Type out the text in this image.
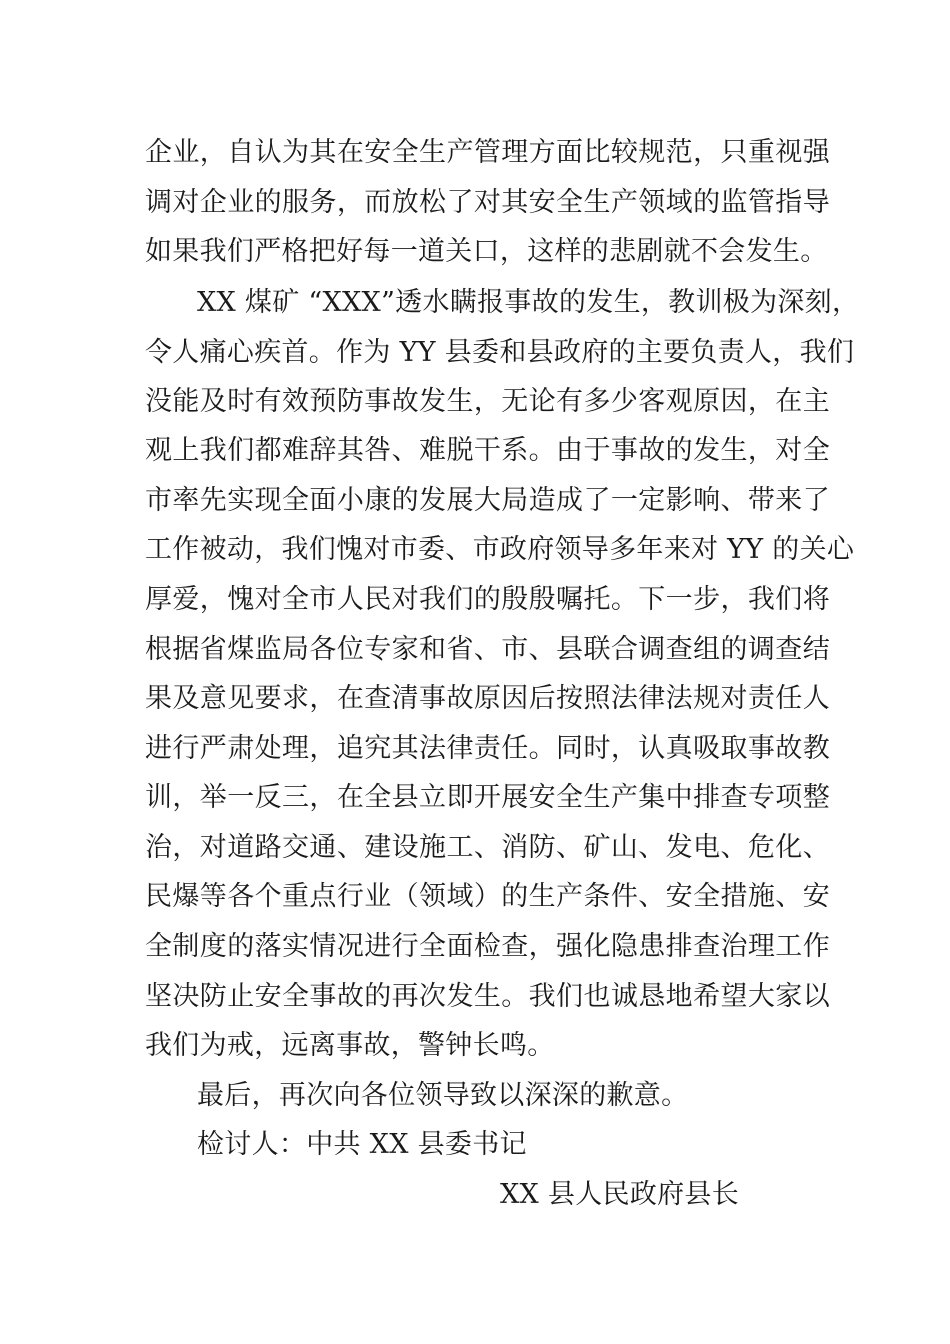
企业，自认为其在安全生产管理方面比较规范，只重视强
调对企业的服务，而放松了对其安全生产领域的监管指导
如果我们严格把好每一道关口，这样的悲剧就不会发生。
XX 煤矿 “XXX”透水瞒报事故的发生，教训极为深刻，
令人痛心疾首。作为 YY 县委和县政府的主要负责人，我们
没能及时有效预防事故发生，无论有多少客观原因，在主
观上我们都难辞其咎、难脱干系。由于事故的发生，对全
市率先实现全面小康的发展大局造成了一定影响、带来了
工作被动，我们愧对市委、市政府领导多年来对 YY 的关心
厚爱，愧对全市人民对我们的殷殷嘱托。下一步，我们将
根据省煤监局各位专家和省、市、县联合调查组的调查结
果及意见要求，在查清事故原因后按照法律法规对责任人
进行严肃处理，追究其法律责任。同时，认真吸取事故教
训，举一反三，在全县立即开展安全生产集中排查专项整
治，对道路交通、建设施工、消防、矿山、发电、危化、
民爆等各个重点行业（领域）的生产条件、安全措施、安
全制度的落实情况进行全面检查，强化隐患排查治理工作
坚决防止安全事故的再次发生。我们也诚恳地希望大家以
我们为戒，远离事故，警钟长鸣。
最后，再次向各位领导致以深深的歉意。
检讨人：中共 XX 县委书记
XX 县人民政府县长
